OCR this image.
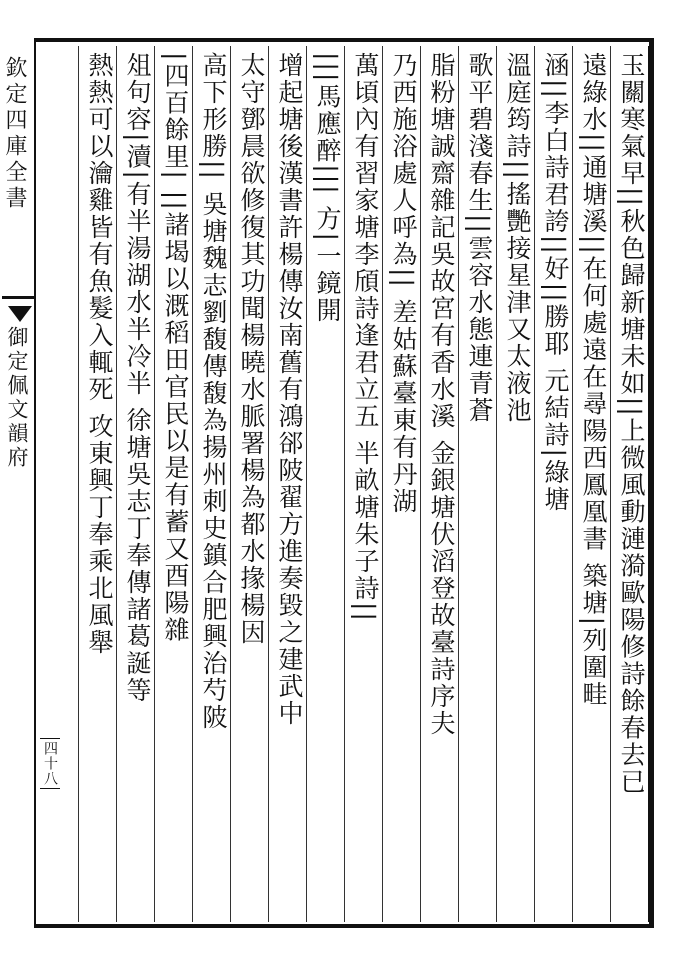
欽定四庫全書
御定佩文韻府
四十八	玉關寒氣早||秋色歸新塘未如||上微風動漣漪歐陽修詩餘春去已
遠綠水||通塘溪||在何處遠在尋陽西鳳凰書 築塘|列圍畦
涵||李白詩君誇||好||勝耶 元結詩|綠塘
溫庭筠詩||搖艷接星津又太液池
歌平碧淺春生||雲容水態連青蒼
脂粉塘誠齋雜記吳故宮有香水溪 金銀塘伏滔登故臺詩序夫
乃西施浴處人呼為|| 差姑蘇臺東有丹湖
萬頃內有習家塘李頎詩逢君立五 半畝塘朱子詩||
|||馬應醉||| 方|一鏡開
增起塘後漢書許楊傳汝南舊有鴻郤陂翟方進奏毀之建武中
太守鄧晨欲修復其功聞楊曉水脈署楊為都水掾楊因
高下形勝|| 吳塘魏志劉馥傳馥為揚州刺史鎮合肥興治芍陂
|四百餘里| ||諸堨以溉稻田官民以是有蓄又酉陽雜
俎句容|瀆|有半湯湖水半冷半 徐塘吳志丁奉傳諸葛誕等
熱熱可以瀹雞皆有魚髮入輒死 攻東興丁奉乘北風舉
